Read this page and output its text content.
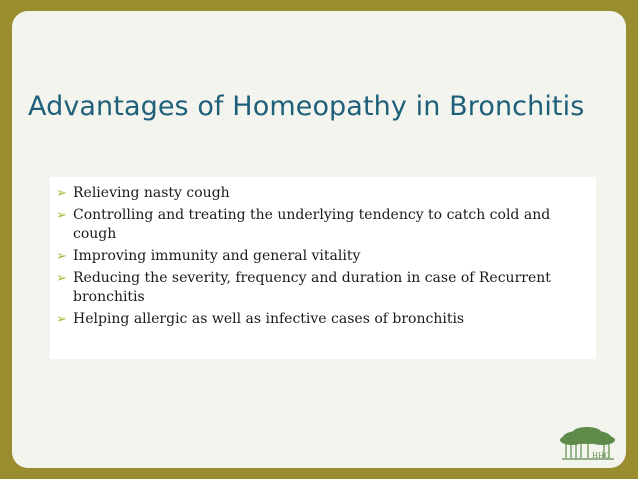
Advantages of Homeopathy in Bronchitis
➢ Relieving nasty cough
➢ Controlling and treating the underlying tendency to catch cold and cough
➢ Improving immunity and general vitality
➢ Reducing the severity, frequency and duration in case of Recurrent bronchitis
➢ Helping allergic as well as infective cases of bronchitis
HHC
